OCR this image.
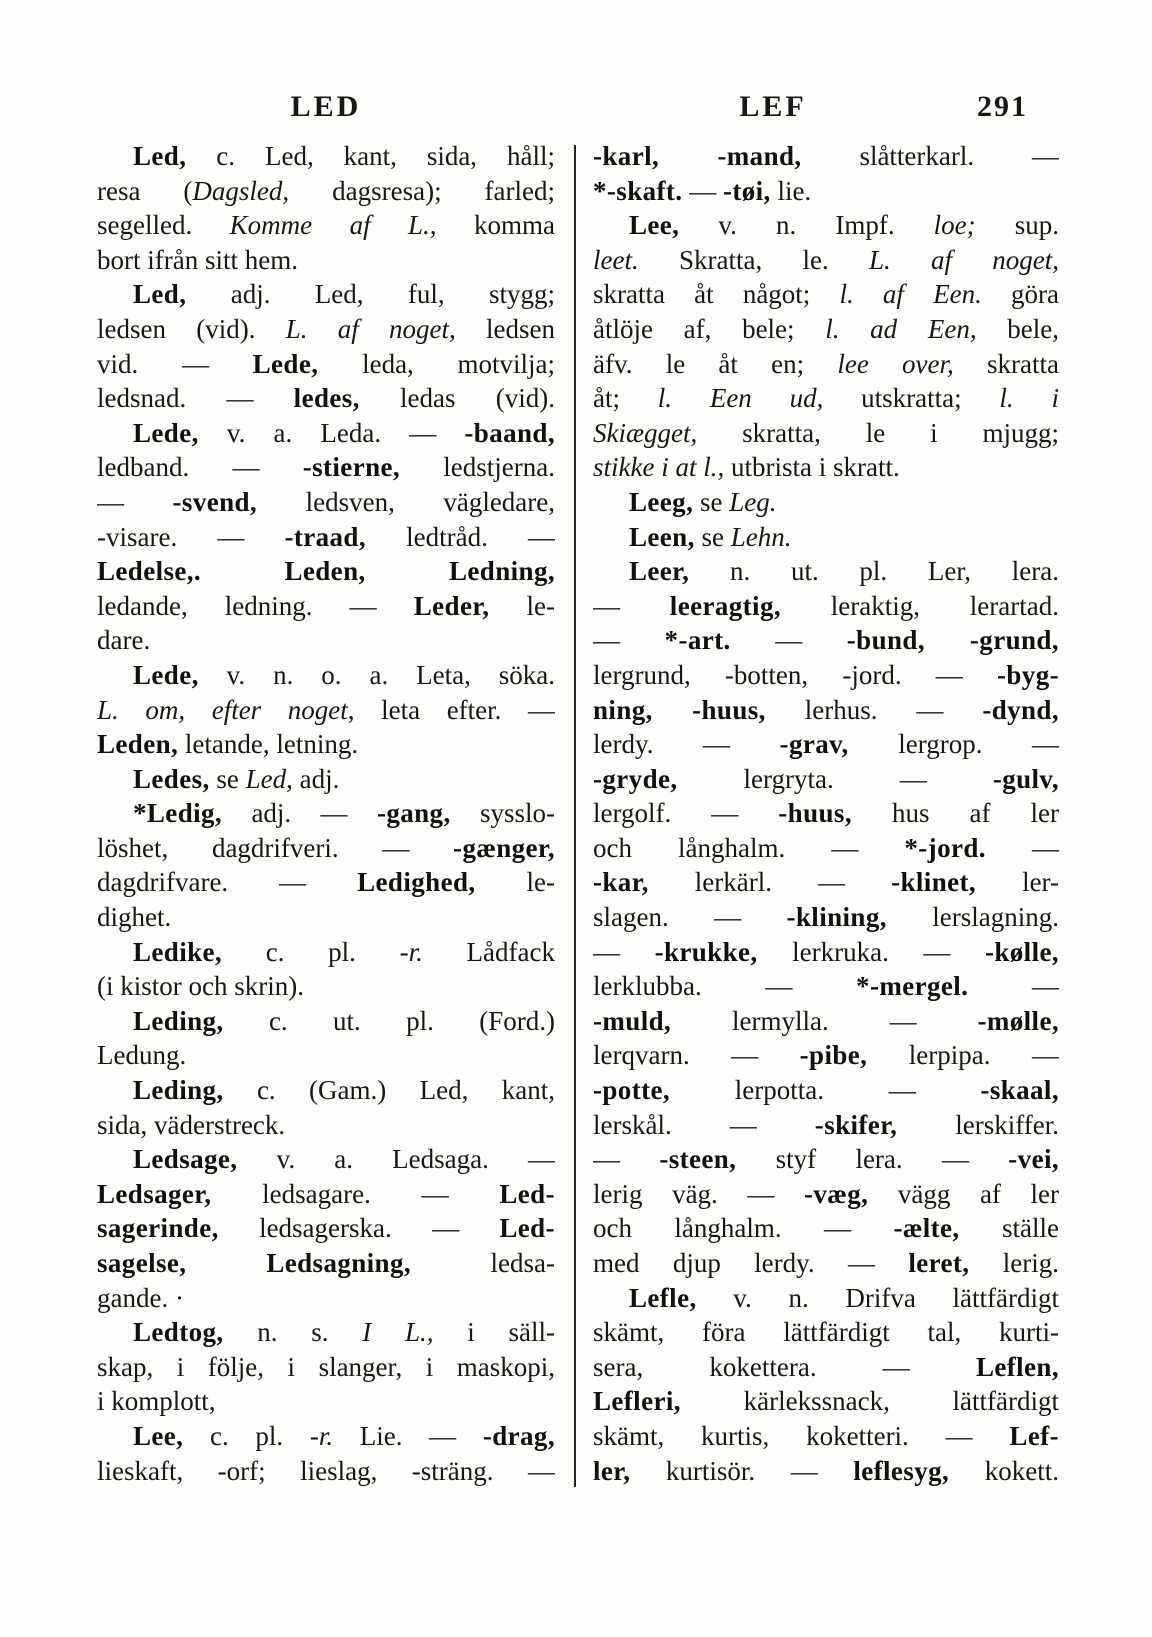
LED	LEF	291
Led, c. Led, kant, sida, håll;
resa (Dagsled, dagsresa); farled;
segelled. Komme af L., komma
bort ifrån sitt hem.
Led, adj. Led, ful, stygg;
ledsen (vid). L. af noget, ledsen
vid. — Lede, leda, motvilja;
ledsnad. — ledes, ledas (vid).
Lede, v. a. Leda. — -baand,
ledband. — -stierne, ledstjerna.
— -svend, ledsven, vägledare,
-visare. — -traad, ledtråd. —
Ledelse,. Leden, Ledning,
ledande, ledning. — Leder, le-
dare.
Lede, v. n. o. a. Leta, söka.
L. om, efter noget, leta efter. —
Leden, letande, letning.
Ledes, se Led, adj.
*Ledig, adj. — -gang, sysslo-
löshet, dagdrifveri. — -gænger,
dagdrifvare. — Ledighed, le-
dighet.
Ledike, c. pl. -r. Lådfack
(i kistor och skrin).
Leding, c. ut. pl. (Ford.)
Ledung.
Leding, c. (Gam.) Led, kant,
sida, väderstreck.
Ledsage, v. a. Ledsaga. —
Ledsager, ledsagare. — Led-
sagerinde, ledsagerska. — Led-
sagelse, Ledsagning, ledsa-
gande. ·
Ledtog, n. s. I L., i säll-
skap, i följe, i slanger, i maskopi,
i komplott,
Lee, c. pl. -r. Lie. — -drag,
lieskaft, -orf; lieslag, -sträng. —
-karl, -mand, slåtterkarl. —
*-skaft. — -tøi, lie.
Lee, v. n. Impf. loe; sup.
leet. Skratta, le. L. af noget,
skratta åt något; l. af Een. göra
åtlöje af, bele; l. ad Een, bele,
äfv. le åt en; lee over, skratta
åt; l. Een ud, utskratta; l. i
Skiægget, skratta, le i mjugg;
stikke i at l., utbrista i skratt.
Leeg, se Leg.
Leen, se Lehn.
Leer, n. ut. pl. Ler, lera.
— leeragtig, leraktig, lerartad.
— *-art. — -bund, -grund,
lergrund, -botten, -jord. — -byg-
ning, -huus, lerhus. — -dynd,
lerdy. — -grav, lergrop. —
-gryde, lergryta. — -gulv,
lergolf. — -huus, hus af ler
och långhalm. — *-jord. —
-kar, lerkärl. — -klinet, ler-
slagen. — -klining, lerslagning.
— -krukke, lerkruka. — -kølle,
lerklubba. — *-mergel. —
-muld, lermylla. — -mølle,
lerqvarn. — -pibe, lerpipa. —
-potte, lerpotta. — -skaal,
lerskål. — -skifer, lerskiffer.
— -steen, styf lera. — -vei,
lerig väg. — -væg, vägg af ler
och långhalm. — -ælte, ställe
med djup lerdy. — leret, lerig.
Lefle, v. n. Drifva lättfärdigt
skämt, föra lättfärdigt tal, kurti-
sera, kokettera. — Leflen,
Lefleri, kärlekssnack, lättfärdigt
skämt, kurtis, koketteri. — Lef-
ler, kurtisör. — leflesyg, kokett.
